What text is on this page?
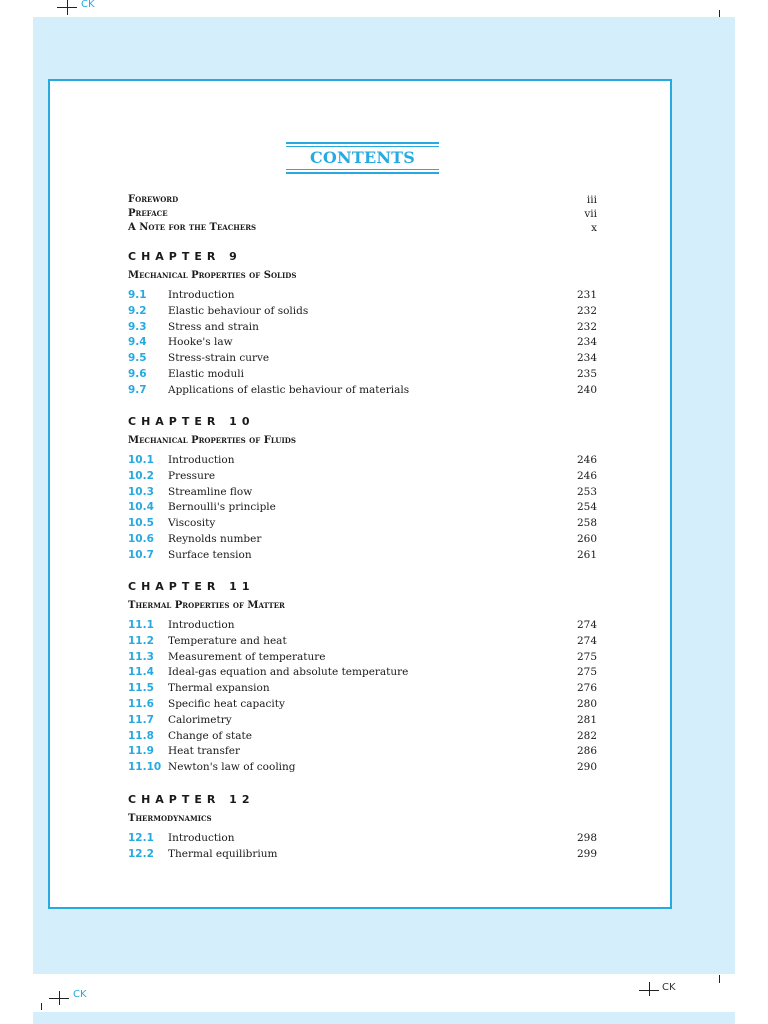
CK
CK
CK
CONTENTS
Foreword	iii
Preface	vii
A Note for the Teachers	x
CHAPTER 9
Mechanical Properties of Solids
9.1	Introduction	231
9.2	Elastic behaviour of solids	232
9.3	Stress and strain	232
9.4	Hooke's law	234
9.5	Stress-strain curve	234
9.6	Elastic moduli	235
9.7	Applications of elastic behaviour of materials	240
CHAPTER 10
Mechanical Properties of Fluids
10.1	Introduction	246
10.2	Pressure	246
10.3	Streamline flow	253
10.4	Bernoulli's principle	254
10.5	Viscosity	258
10.6	Reynolds number	260
10.7	Surface tension	261
CHAPTER 11
Thermal Properties of Matter
11.1	Introduction	274
11.2	Temperature and heat	274
11.3	Measurement of temperature	275
11.4	Ideal-gas equation and absolute temperature	275
11.5	Thermal expansion	276
11.6	Specific heat capacity	280
11.7	Calorimetry	281
11.8	Change of state	282
11.9	Heat transfer	286
11.10 Newton's law of cooling	290
CHAPTER 12
Thermodynamics
12.1	Introduction	298
12.2	Thermal equilibrium	299
